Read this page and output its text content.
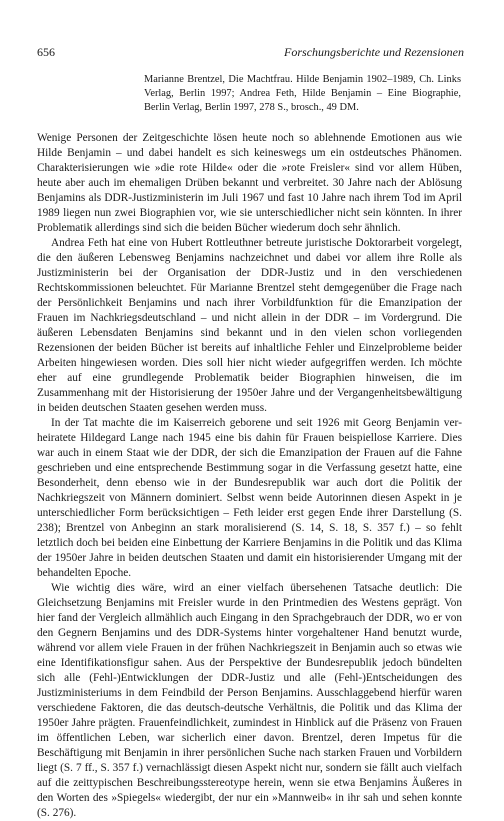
656	Forschungsberichte und Rezensionen
Marianne Brentzel, Die Machtfrau. Hilde Benjamin 1902–1989, Ch. Links Verlag, Berlin 1997; Andrea Feth, Hilde Benjamin – Eine Biographie, Berlin Verlag, Berlin 1997, 278 S., brosch., 49 DM.

Wenige Personen der Zeitgeschichte lösen heute noch so ablehnende Emotionen aus wie Hilde Benjamin – und dabei handelt es sich keineswegs um ein ostdeutsches Phänomen. Charakterisierungen wie »die rote Hilde« oder die »rote Freisler« sind vor allem Hüben, heute aber auch im ehemaligen Drüben bekannt und verbreitet. 30 Jahre nach der Ablösung Benjamins als DDR-Justizministerin im Juli 1967 und fast 10 Jahre nach ihrem Tod im April 1989 liegen nun zwei Biographien vor, wie sie unterschiedlicher nicht sein könnten. In ihrer Problematik allerdings sind sich die beiden Bücher wiederum doch sehr ähnlich.

Andrea Feth hat eine von Hubert Rottleuthner betreute juristische Doktorarbeit vorgelegt, die den äußeren Lebensweg Benjamins nachzeichnet und dabei vor allem ihre Rolle als Justizministerin bei der Organisation der DDR-Justiz und in den verschiedenen Rechtskommissionen beleuchtet. Für Marianne Brentzel steht demgegenüber die Frage nach der Persönlichkeit Benjamins und nach ihrer Vorbildfunktion für die Emanzipation der Frauen im Nachkriegsdeutschland – und nicht allein in der DDR – im Vordergrund. Die äußeren Lebensdaten Benjamins sind bekannt und in den vielen schon vorliegenden Rezensionen der beiden Bücher ist bereits auf inhaltliche Fehler und Einzelprobleme beider Arbeiten hingewiesen worden. Dies soll hier nicht wieder aufgegriffen werden. Ich möchte eher auf eine grundlegende Problematik beider Biographien hinweisen, die im Zusammenhang mit der Historisierung der 1950er Jahre und der Vergangenheitsbewältigung in beiden deutschen Staaten gesehen werden muss.

In der Tat machte die im Kaiserreich geborene und seit 1926 mit Georg Benjamin verheiratete Hildegard Lange nach 1945 eine bis dahin für Frauen beispiellose Karriere. Dies war auch in einem Staat wie der DDR, der sich die Emanzipation der Frauen auf die Fahne geschrieben und eine entsprechende Bestimmung sogar in die Verfassung gesetzt hatte, eine Besonderheit, denn ebenso wie in der Bundesrepublik war auch dort die Politik der Nachkriegszeit von Männern dominiert. Selbst wenn beide Autorinnen diesen Aspekt in je unterschiedlicher Form berücksichtigen – Feth leider erst gegen Ende ihrer Darstellung (S. 238); Brentzel von Anbeginn an stark moralisierend (S. 14, S. 18, S. 357 f.) – so fehlt letztlich doch bei beiden eine Einbettung der Karriere Benjamins in die Politik und das Klima der 1950er Jahre in beiden deutschen Staaten und damit ein historisierender Umgang mit der behandelten Epoche.

Wie wichtig dies wäre, wird an einer vielfach übersehenen Tatsache deutlich: Die Gleichsetzung Benjamins mit Freisler wurde in den Printmedien des Westens geprägt. Von hier fand der Vergleich allmählich auch Eingang in den Sprachgebrauch der DDR, wo er von den Gegnern Benjamins und des DDR-Systems hinter vorgehaltener Hand benutzt wurde, während vor allem viele Frauen in der frühen Nachkriegszeit in Benjamin auch so etwas wie eine Identifikationsfigur sahen. Aus der Perspektive der Bundesrepublik jedoch bündelten sich alle (Fehl-)Entwicklungen der DDR-Justiz und alle (Fehl-)Entscheidungen des Justizministeriums in dem Feindbild der Person Benjamins. Ausschlaggebend hierfür waren verschiedene Faktoren, die das deutsch-deutsche Verhältnis, die Politik und das Klima der 1950er Jahre prägten. Frauenfeindlichkeit, zumindest in Hinblick auf die Präsenz von Frauen im öffentlichen Leben, war sicherlich einer davon. Brentzel, deren Impetus für die Beschäftigung mit Benjamin in ihrer persönlichen Suche nach starken Frauen und Vorbildern liegt (S. 7 ff., S. 357 f.) vernachlässigt diesen Aspekt nicht nur, sondern sie fällt auch vielfach auf die zeittypischen Beschreibungsstereotype herein, wenn sie etwa Benjamins Äußeres in den Worten des »Spiegels« wiedergibt, der nur ein »Mannweib« in ihr sah und sehen konnte (S. 276).
